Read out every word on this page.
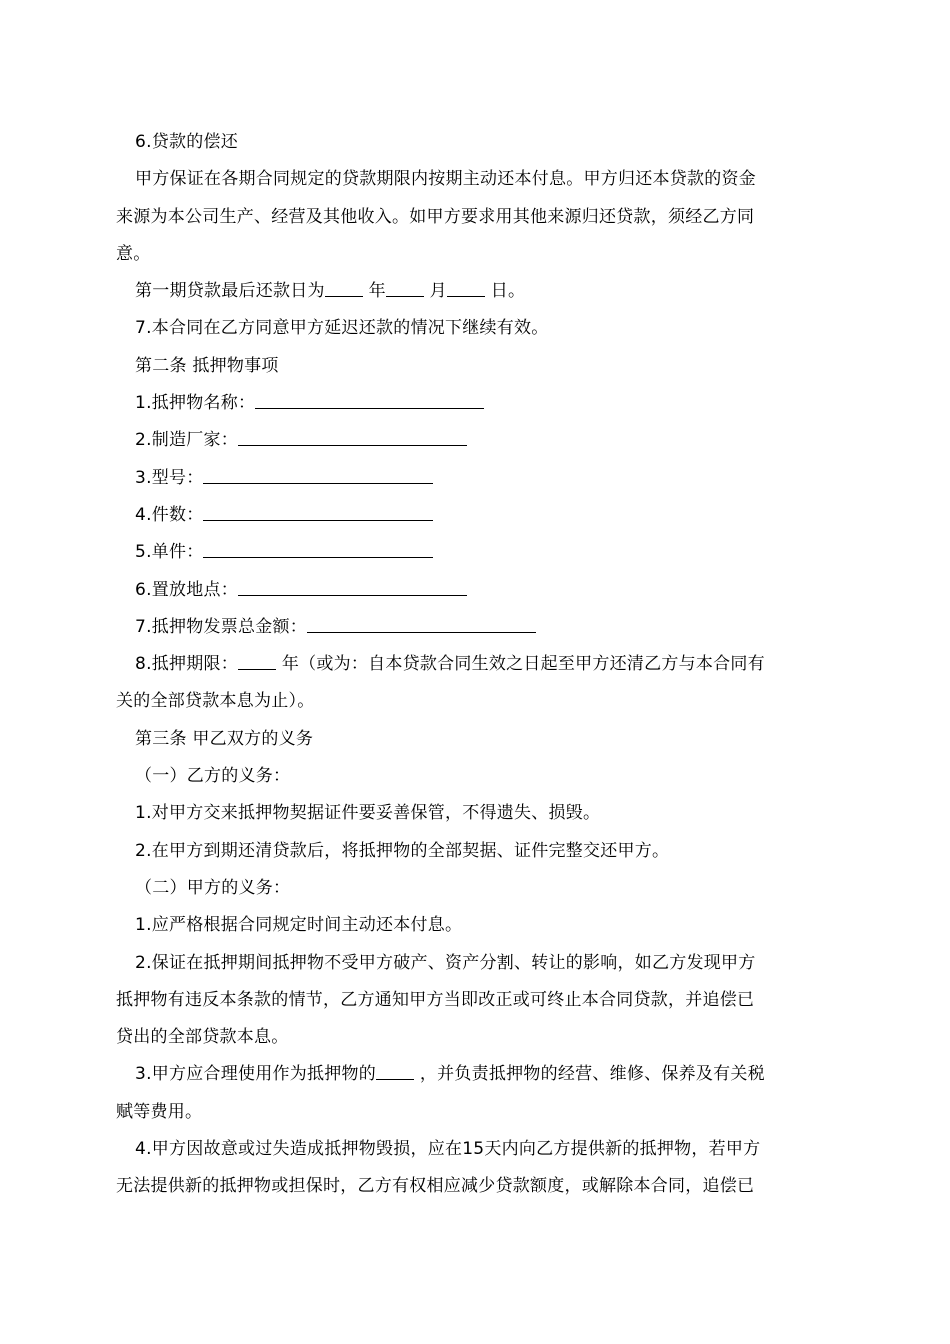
6.贷款的偿还
甲方保证在各期合同规定的贷款期限内按期主动还本付息。甲方归还本贷款的资金
来源为本公司生产、经营及其他收入。如甲方要求用其他来源归还贷款，须经乙方同
意。
第一期贷款最后还款日为 年 月 日。
7.本合同在乙方同意甲方延迟还款的情况下继续有效。
第二条 抵押物事项
1.抵押物名称：
2.制造厂家：
3.型号：
4.件数：
5.单件：
6.置放地点：
7.抵押物发票总金额：
8.抵押期限： 年（或为：自本贷款合同生效之日起至甲方还清乙方与本合同有
关的全部贷款本息为止）。
第三条 甲乙双方的义务
（一）乙方的义务：
1.对甲方交来抵押物契据证件要妥善保管，不得遗失、损毁。
2.在甲方到期还清贷款后，将抵押物的全部契据、证件完整交还甲方。
（二）甲方的义务：
1.应严格根据合同规定时间主动还本付息。
2.保证在抵押期间抵押物不受甲方破产、资产分割、转让的影响，如乙方发现甲方
抵押物有违反本条款的情节，乙方通知甲方当即改正或可终止本合同贷款，并追偿已
贷出的全部贷款本息。
3.甲方应合理使用作为抵押物的 ，并负责抵押物的经营、维修、保养及有关税
赋等费用。
4.甲方因故意或过失造成抵押物毁损，应在15天内向乙方提供新的抵押物，若甲方
无法提供新的抵押物或担保时，乙方有权相应减少贷款额度，或解除本合同，追偿已
